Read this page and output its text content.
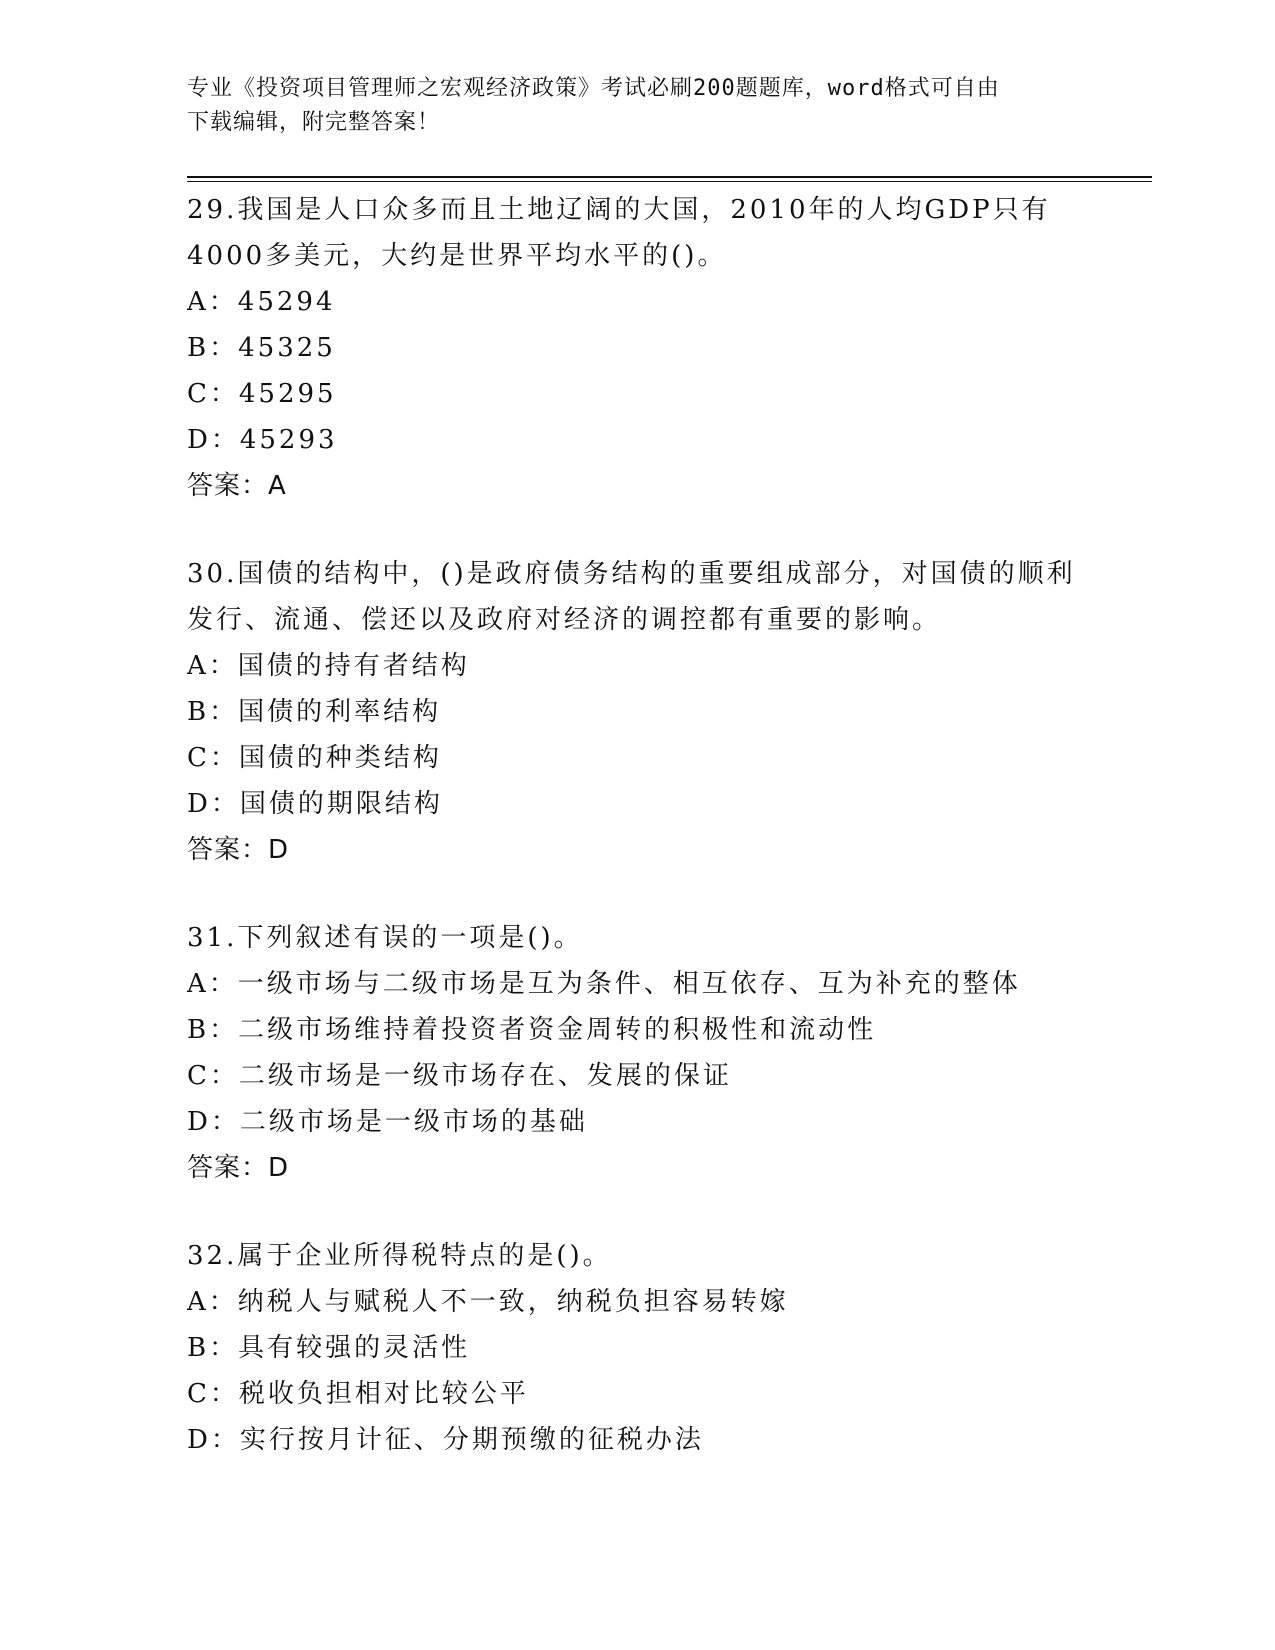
专业《投资项目管理师之宏观经济政策》考试必刷200题题库，word格式可自由
下载编辑，附完整答案！
29.我国是人口众多而且土地辽阔的大国，2010年的人均GDP只有
4000多美元，大约是世界平均水平的()。
A：45294
B：45325
C：45295
D：45293
答案：A
30.国债的结构中，()是政府债务结构的重要组成部分，对国债的顺利
发行、流通、偿还以及政府对经济的调控都有重要的影响。
A：国债的持有者结构
B：国债的利率结构
C：国债的种类结构
D：国债的期限结构
答案：D
31.下列叙述有误的一项是()。
A：一级市场与二级市场是互为条件、相互依存、互为补充的整体
B：二级市场维持着投资者资金周转的积极性和流动性
C：二级市场是一级市场存在、发展的保证
D：二级市场是一级市场的基础
答案：D
32.属于企业所得税特点的是()。
A：纳税人与赋税人不一致，纳税负担容易转嫁
B：具有较强的灵活性
C：税收负担相对比较公平
D：实行按月计征、分期预缴的征税办法
